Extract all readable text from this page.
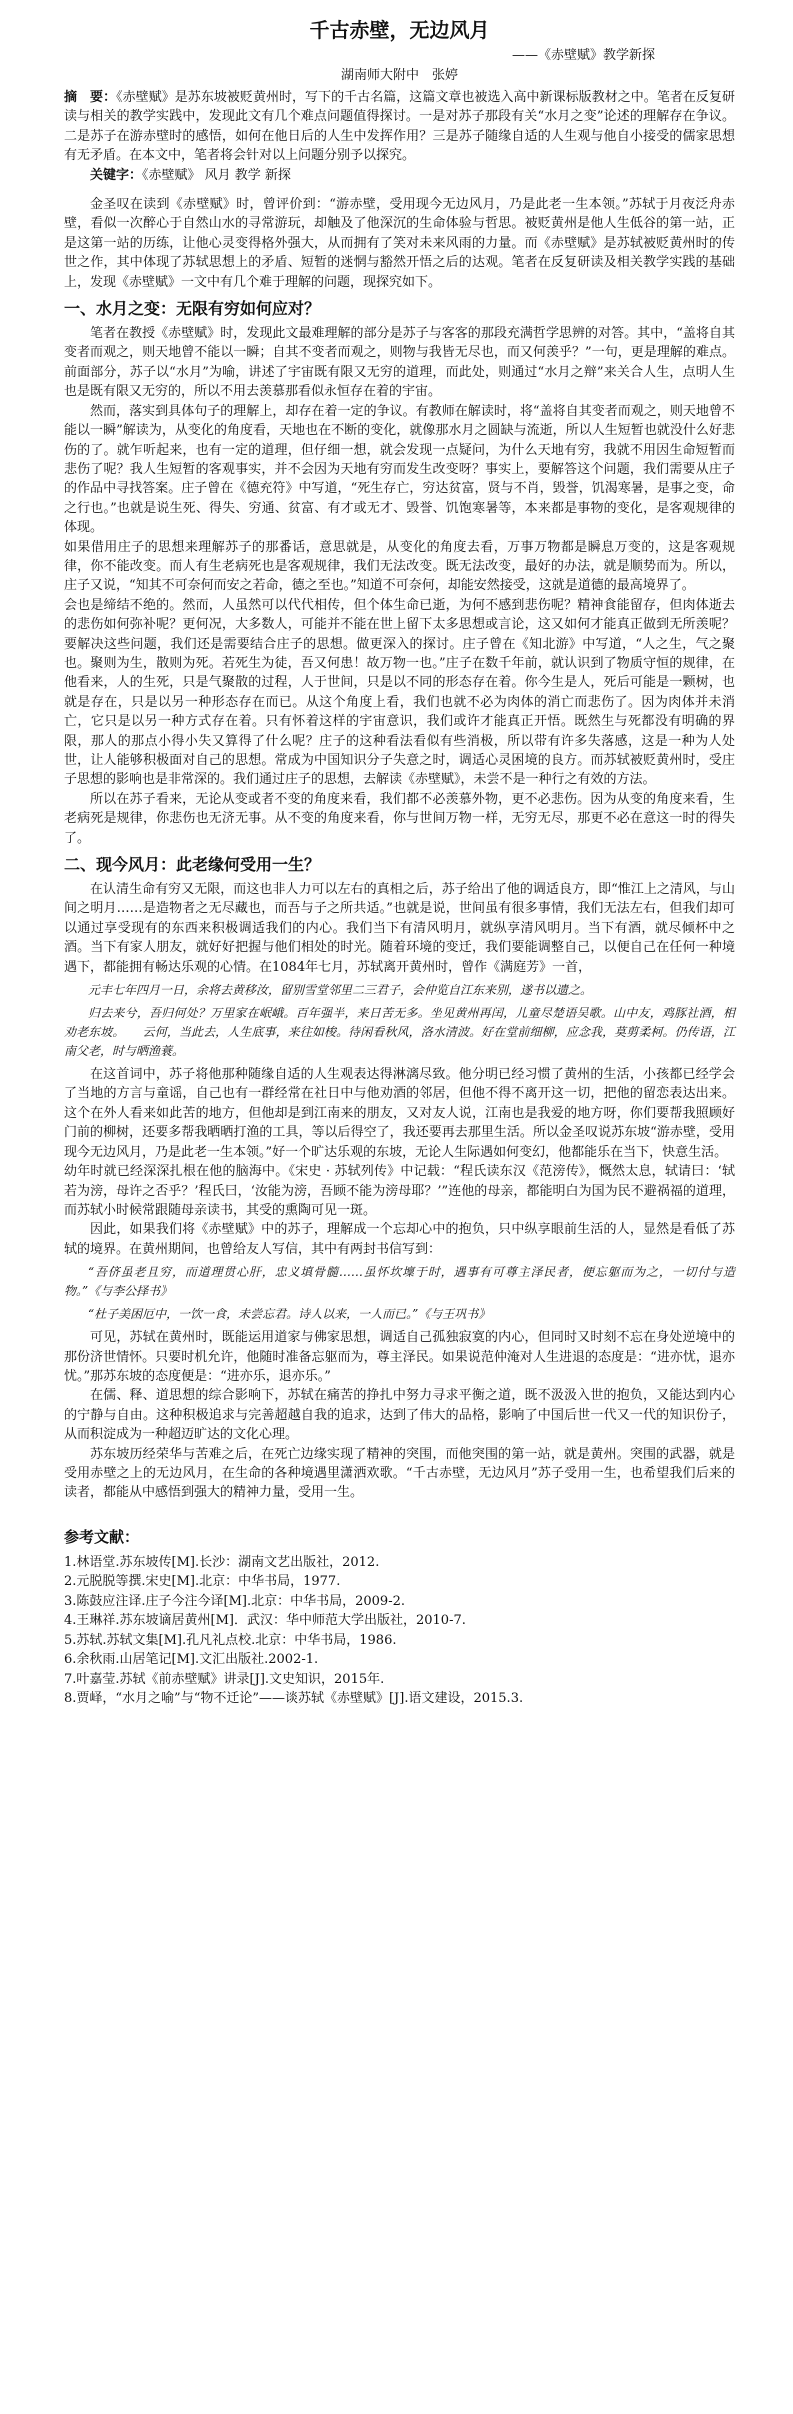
千古赤壁，无边风月

——《赤壁赋》教学新探

湖南师大附中　张婷

摘　要：《赤壁赋》是苏东坡被贬黄州时，写下的千古名篇，这篇文章也被选入高中新课标版教材之中。笔者在反复研读与相关的教学实践中，发现此文有几个难点问题值得探讨。一是对苏子那段有关“水月之变”论述的理解存在争议。二是苏子在游赤壁时的感悟，如何在他日后的人生中发挥作用？三是苏子随缘自适的人生观与他自小接受的儒家思想有无矛盾。在本文中，笔者将会针对以上问题分别予以探究。

关键字：《赤壁赋》 风月 教学 新探

金圣叹在读到《赤壁赋》时，曾评价到：“游赤壁，受用现今无边风月，乃是此老一生本领。”苏轼于月夜泛舟赤壁，看似一次醉心于自然山水的寻常游玩，却触及了他深沉的生命体验与哲思。被贬黄州是他人生低谷的第一站，正是这第一站的历练，让他心灵变得格外强大，从而拥有了笑对未来风雨的力量。而《赤壁赋》是苏轼被贬黄州时的传世之作，其中体现了苏轼思想上的矛盾、短暂的迷惘与豁然开悟之后的达观。笔者在反复研读及相关教学实践的基础上，发现《赤壁赋》一文中有几个难于理解的问题，现探究如下。

一、水月之变：无限有穷如何应对？

笔者在教授《赤壁赋》时，发现此文最难理解的部分是苏子与客客的那段充满哲学思辨的对答。其中，“盖将自其变者而观之，则天地曾不能以一瞬；自其不变者而观之，则物与我皆无尽也，而又何羡乎？”一句，更是理解的难点。前面部分，苏子以“水月”为喻，讲述了宇宙既有限又无穷的道理，而此处，则通过“水月之辩”来关合人生，点明人生也是既有限又无穷的，所以不用去羡慕那看似永恒存在着的宇宙。

然而，落实到具体句子的理解上，却存在着一定的争议。有教师在解读时，将“盖将自其变者而观之，则天地曾不能以一瞬”解读为，从变化的角度看，天地也在不断的变化，就像那水月之圆缺与流逝，所以人生短暂也就没什么好悲伤的了。就乍听起来，也有一定的道理，但仔细一想，就会发现一点疑问，为什么天地有穷，我就不用因生命短暂而悲伤了呢？我人生短暂的客观事实，并不会因为天地有穷而发生改变呀？事实上，要解答这个问题，我们需要从庄子的作品中寻找答案。庄子曾在《德充符》中写道，“死生存亡，穷达贫富，贤与不肖，毁誉，饥渴寒暑，是事之变，命之行也。”也就是说生死、得失、穷通、贫富、有才或无才、毁誉、饥饱寒暑等，本来都是事物的变化，是客观规律的体现。

如果借用庄子的思想来理解苏子的那番话，意思就是，从变化的角度去看，万事万物都是瞬息万变的，这是客观规律，你不能改变。而人有生老病死也是客观规律，我们无法改变。既无法改变，最好的办法，就是顺势而为。所以，庄子又说，“知其不可奈何而安之若命，德之至也。”知道不可奈何，却能安然接受，这就是道德的最高境界了。

会也是缔结不绝的。然而，人虽然可以代代相传，但个体生命已逝，为何不感到悲伤呢？精神食能留存，但肉体逝去的悲伤如何弥补呢？更何况，大多数人，可能并不能在世上留下太多思想或言论，这又如何才能真正做到无所羡呢？要解决这些问题，我们还是需要结合庄子的思想。做更深入的探讨。庄子曾在《知北游》中写道，“人之生，气之聚也。聚则为生，散则为死。若死生为徒，吾又何患！故万物一也。”庄子在数千年前，就认识到了物质守恒的规律，在他看来，人的生死，只是气聚散的过程，人于世间，只是以不同的形态存在着。你今生是人，死后可能是一颗树，也就是存在，只是以另一种形态存在而已。从这个角度上看，我们也就不必为肉体的消亡而悲伤了。因为肉体并未消亡，它只是以另一种方式存在着。只有怀着这样的宇宙意识，我们或许才能真正开悟。既然生与死都没有明确的界限，那人的那点小得小失又算得了什么呢？庄子的这种看法看似有些消极，所以带有许多失落感，这是一种为人处世，让人能够积极面对自己的思想。常成为中国知识分子失意之时，调适心灵困境的良方。而苏轼被贬黄州时，受庄子思想的影响也是非常深的。我们通过庄子的思想，去解读《赤壁赋》，未尝不是一种行之有效的方法。

所以在苏子看来，无论从变或者不变的角度来看，我们都不必羡慕外物，更不必悲伤。因为从变的角度来看，生老病死是规律，你悲伤也无济无事。从不变的角度来看，你与世间万物一样，无穷无尽，那更不必在意这一时的得失了。

二、现今风月：此老缘何受用一生？

在认清生命有穷又无限，而这也非人力可以左右的真相之后，苏子给出了他的调适良方，即“惟江上之清风，与山间之明月……是造物者之无尽藏也，而吾与子之所共适。”也就是说，世间虽有很多事情，我们无法左右，但我们却可以通过享受现有的东西来积极调适我们的内心。我们当下有清风明月，就纵享清风明月。当下有酒，就尽倾杯中之酒。当下有家人朋友，就好好把握与他们相处的时光。随着环境的变迁，我们要能调整自己，以便自己在任何一种境遇下，都能拥有畅达乐观的心情。在1084年七月，苏轼离开黄州时，曾作《满庭芳》一首，

元丰七年四月一日，余将去黄移汝，留别雪堂邻里二三君子，会仲览自江东来别，遂书以遗之。

归去来兮，吾归何处？万里家在岷峨。百年强半，来日苦无多。坐见黄州再闰，儿童尽楚语吴歌。山中友，鸡豚社酒，相劝老东坡。　　云何，当此去，人生底事，来往如梭。待闲看秋风，洛水清波。好在堂前细柳，应念我，莫剪柔柯。仍传语，江南父老，时与晒渔蓑。

在这首词中，苏子将他那种随缘自适的人生观表达得淋漓尽致。他分明已经习惯了黄州的生活，小孩都已经学会了当地的方言与童谣，自己也有一群经常在社日中与他劝酒的邻居，但他不得不离开这一切，把他的留恋表达出来。这个在外人看来如此苦的地方，但他却是到江南来的朋友，又对友人说，江南也是我爱的地方呀，你们要帮我照顾好门前的柳树，还要多帮我晒晒打渔的工具，等以后得空了，我还要再去那里生活。所以金圣叹说苏东坡“游赤壁，受用现今无边风月，乃是此老一生本领。”好一个旷达乐观的东坡，无论人生际遇如何变幻，他都能乐在当下，快意生活。

幼年时就已经深深扎根在他的脑海中。《宋史 · 苏轼列传》中记载：“程氏读东汉《范滂传》，慨然太息，轼请曰：‘轼若为滂，母许之否乎？’程氏曰，‘汝能为滂，吾顾不能为滂母耶？’”连他的母亲，都能明白为国为民不避祸福的道理，而苏轼小时候常跟随母亲读书，其受的熏陶可见一斑。

因此，如果我们将《赤壁赋》中的苏子，理解成一个忘却心中的抱负，只中纵享眼前生活的人，显然是看低了苏轼的境界。在黄州期间，也曾给友人写信，其中有两封书信写到：

“吾侪虽老且穷，而道理贯心肝，忠义填骨髓……虽怀坎壈于时，遇事有可尊主泽民者，便忘躯而为之，一切付与造物。”《与李公择书》

“杜子美困厄中，一饮一食，未尝忘君。诗人以来，一人而已。”《与王巩书》

可见，苏轼在黄州时，既能运用道家与佛家思想，调适自己孤独寂寞的内心，但同时又时刻不忘在身处逆境中的那份济世情怀。只要时机允许，他随时准备忘躯而为，尊主泽民。如果说范仲淹对人生进退的态度是：“进亦忧，退亦忧。”那苏东坡的态度便是：“进亦乐，退亦乐。”

在儒、释、道思想的综合影响下，苏轼在痛苦的挣扎中努力寻求平衡之道，既不汲汲入世的抱负，又能达到内心的宁静与自由。这种积极追求与完善超越自我的追求，达到了伟大的品格，影响了中国后世一代又一代的知识份子，从而积淀成为一种超迈旷达的文化心理。

苏东坡历经荣华与苦难之后，在死亡边缘实现了精神的突围，而他突围的第一站，就是黄州。突围的武器，就是受用赤壁之上的无边风月，在生命的各种境遇里潇洒欢歌。“千古赤壁，无边风月”苏子受用一生，也希望我们后来的读者，都能从中感悟到强大的精神力量，受用一生。

参考文献：
1.林语堂.苏东坡传[M].长沙：湖南文艺出版社，2012.
2.元脱脱等撰.宋史[M].北京：中华书局，1977.
3.陈鼓应注译.庄子今注今译[M].北京：中华书局，2009-2.
4.王琳祥.苏东坡谪居黄州[M]．武汉：华中师范大学出版社，2010-7.
5.苏轼.苏轼文集[M].孔凡礼点校.北京：中华书局，1986.
6.余秋雨.山居笔记[M].文汇出版社.2002-1.
7.叶嘉莹.苏轼《前赤壁赋》讲录[J].文史知识，2015年.
8.贾峄，“水月之喻”与“物不迁论”——谈苏轼《赤壁赋》[J].语文建设，2015.3.
